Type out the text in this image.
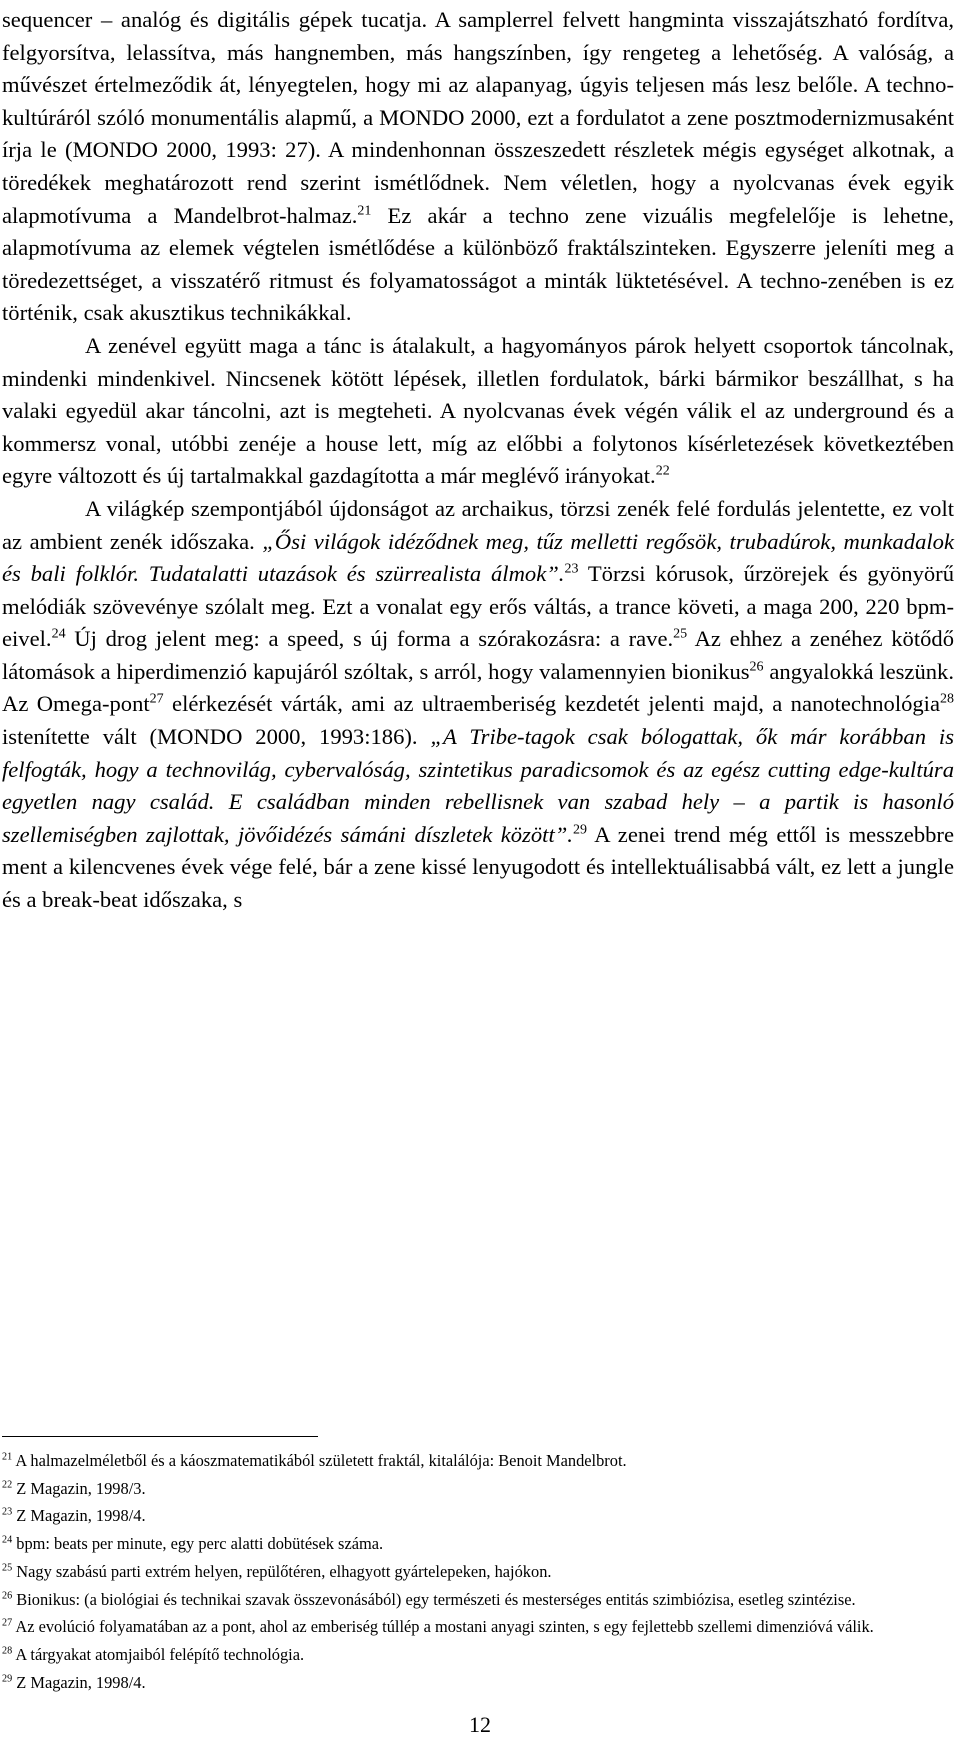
sequencer – analóg és digitális gépek tucatja. A samplerrel felvett hangminta visszajátszható fordítva, felgyorsítva, lelassítva, más hangnemben, más hangszínben, így rengeteg a lehetőség. A valóság, a művészet értelmeződik át, lényegtelen, hogy mi az alapanyag, úgyis teljesen más lesz belőle. A techno-kultúráról szóló monumentális alapmű, a MONDO 2000, ezt a fordulatot a zene posztmodernizmusaként írja le (MONDO 2000, 1993: 27). A mindenhonnan összeszedett részletek mégis egységet alkotnak, a töredékek meghatározott rend szerint ismétlődnek. Nem véletlen, hogy a nyolcvanas évek egyik alapmotívuma a Mandelbrot-halmaz.$^{21}$ Ez akár a techno zene vizuális megfelelője is lehetne, alapmotívuma az elemek végtelen ismétlődése a különböző fraktálszinteken. Egyszerre jeleníti meg a töredezettséget, a visszatérő ritmust és folyamatosságot a minták lüktetésével. A techno-zenében is ez történik, csak akusztikus technikákkal.

A zenével együtt maga a tánc is átalakult, a hagyományos párok helyett csoportok táncolnak, mindenki mindenkivel. Nincsenek kötött lépések, illetlen fordulatok, bárki bármikor beszállhat, s ha valaki egyedül akar táncolni, azt is megteheti. A nyolcvanas évek végén válik el az underground és a kommersz vonal, utóbbi zenéje a house lett, míg az előbbi a folytonos kísérletezések következtében egyre változott és új tartalmakkal gazdagította a már meglévő irányokat.$^{22}$

A világkép szempontjából újdonságot az archaikus, törzsi zenék felé fordulás jelentette, ez volt az ambient zenék időszaka. „Ősi világok idéződnek meg, tűz melletti regősök, trubadúrok, munkadalok és bali folklór. Tudatalatti utazások és szürrealista álmok”.$^{23}$ Törzsi kórusok, űrzörejek és gyönyörű melódiák szövevénye szólalt meg. Ezt a vonalat egy erős váltás, a trance követi, a maga 200, 220 bpm-eivel.$^{24}$ Új drog jelent meg: a speed, s új forma a szórakozásra: a rave.$^{25}$ Az ehhez a zenéhez kötődő látomások a hiperdimenzió kapujáról szóltak, s arról, hogy valamennyien bionikus$^{26}$ angyalokká leszünk. Az Omega-pont$^{27}$ elérkezését várták, ami az ultraemberiség kezdetét jelenti majd, a nanotechnológia$^{28}$ istenítette vált (MONDO 2000, 1993:186). „A Tribe-tagok csak bólogattak, ők már korábban is felfogták, hogy a technovilág, cybervalóság, szintetikus paradicsomok és az egész cutting edge-kultúra egyetlen nagy család. E családban minden rebellisnek van szabad hely – a partik is hasonló szellemiségben zajlottak, jövőidézés sámáni díszletek között”.$^{29}$ A zenei trend még ettől is messzebbre ment a kilencvenes évek vége felé, bár a zene kissé lenyugodott és intellektuálisabbá vált, ez lett a jungle és a break-beat időszaka, s

$^{21}$ A halmazelméletből és a káoszmatematikából született fraktál, kitalálója: Benoit Mandelbrot.

$^{22}$ Z Magazin, 1998/3.

$^{23}$ Z Magazin, 1998/4.

$^{24}$ bpm: beats per minute, egy perc alatti dobütések száma.

$^{25}$ Nagy szabású parti extrém helyen, repülőtéren, elhagyott gyártelepeken, hajókon.

$^{26}$ Bionikus: (a biológiai és technikai szavak összevonásából) egy természeti és mesterséges entitás szimbiózisa, esetleg szintézise.

$^{27}$ Az evolúció folyamatában az a pont, ahol az emberiség túllép a mostani anyagi szinten, s egy fejlettebb szellemi dimenzióvá válik.

$^{28}$ A tárgyakat atomjaiból felépítő technológia.

$^{29}$ Z Magazin, 1998/4.

12
